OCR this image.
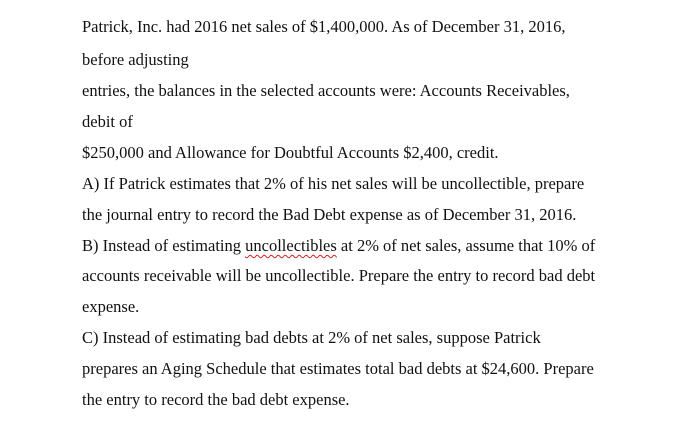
Patrick, Inc. had 2016 net sales of $1,400,000. As of December 31, 2016,
before adjusting
entries, the balances in the selected accounts were: Accounts Receivables,
debit of
$250,000 and Allowance for Doubtful Accounts $2,400, credit.
A) If Patrick estimates that 2% of his net sales will be uncollectible, prepare
the journal entry to record the Bad Debt expense as of December 31, 2016.
B) Instead of estimating uncollectibles at 2% of net sales, assume that 10% of
accounts receivable will be uncollectible. Prepare the entry to record bad debt
expense.
C) Instead of estimating bad debts at 2% of net sales, suppose Patrick
prepares an Aging Schedule that estimates total bad debts at $24,600. Prepare
the entry to record the bad debt expense.
